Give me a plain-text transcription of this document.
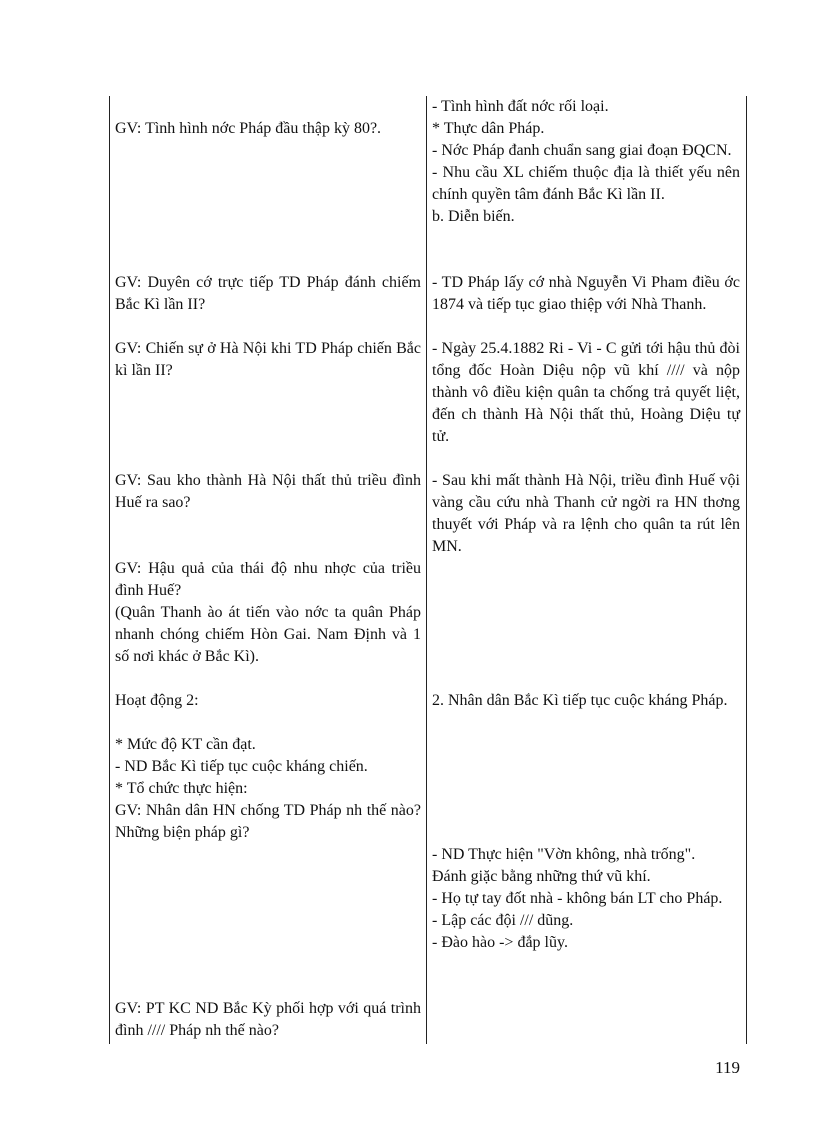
GV: Tình hình nớc Pháp đầu thập kỳ 80?.

GV: Duyên cớ trực tiếp TD Pháp đánh chiếm Bắc Kì lần II?

GV: Chiến sự ở Hà Nội khi TD Pháp chiến Bắc kì lần II?

GV: Sau kho thành Hà Nội thất thủ triều đình Huế ra sao?

GV: Hậu quả của thái độ nhu nhợc của triều đình Huế?
(Quân Thanh ào át tiến vào nớc ta quân Pháp nhanh chóng chiếm Hòn Gai. Nam Định và 1 số nơi khác ở Bắc Kì).

Hoạt động 2:

* Mức độ KT cần đạt.
- ND Bắc Kì tiếp tục cuộc kháng chiến.
* Tổ chức thực hiện:
GV: Nhân dân HN chống TD Pháp nh thế nào? Những biện pháp gì?

GV: PT KC ND Bắc Kỳ phối hợp với quá trình đình //// Pháp nh thế nào?

- Tình hình đất nớc rối loại.
* Thực dân Pháp.
- Nớc Pháp đanh chuẩn sang giai đoạn ĐQCN.
- Nhu cầu XL chiếm thuộc địa là thiết yếu nên chính quyền tâm đánh Bắc Kì lần II.
b. Diễn biến.

- TD Pháp lấy cớ nhà Nguyễn Vi Pham điều ớc 1874 và tiếp tục giao thiệp với Nhà Thanh.

- Ngày 25.4.1882 Ri - Vi - C gửi tới hậu thủ đòi tổng đốc Hoàn Diệu nộp vũ khí //// và nộp thành vô điều kiện quân ta chống trả quyết liệt, đến ch thành Hà Nội thất thủ, Hoàng Diệu tự tử.

- Sau khi mất thành Hà Nội, triều đình Huế vội vàng cầu cứu nhà Thanh cử ngời ra HN thơng thuyết với Pháp và ra lệnh cho quân ta rút lên MN.

2. Nhân dân Bắc Kì tiếp tục cuộc kháng Pháp.

- ND Thực hiện "Vờn không, nhà trống".
Đánh giặc bằng những thứ vũ khí.
- Họ tự tay đốt nhà - không bán LT cho Pháp.
- Lập các đội /// dũng.
- Đào hào -> đắp lũy.

119
